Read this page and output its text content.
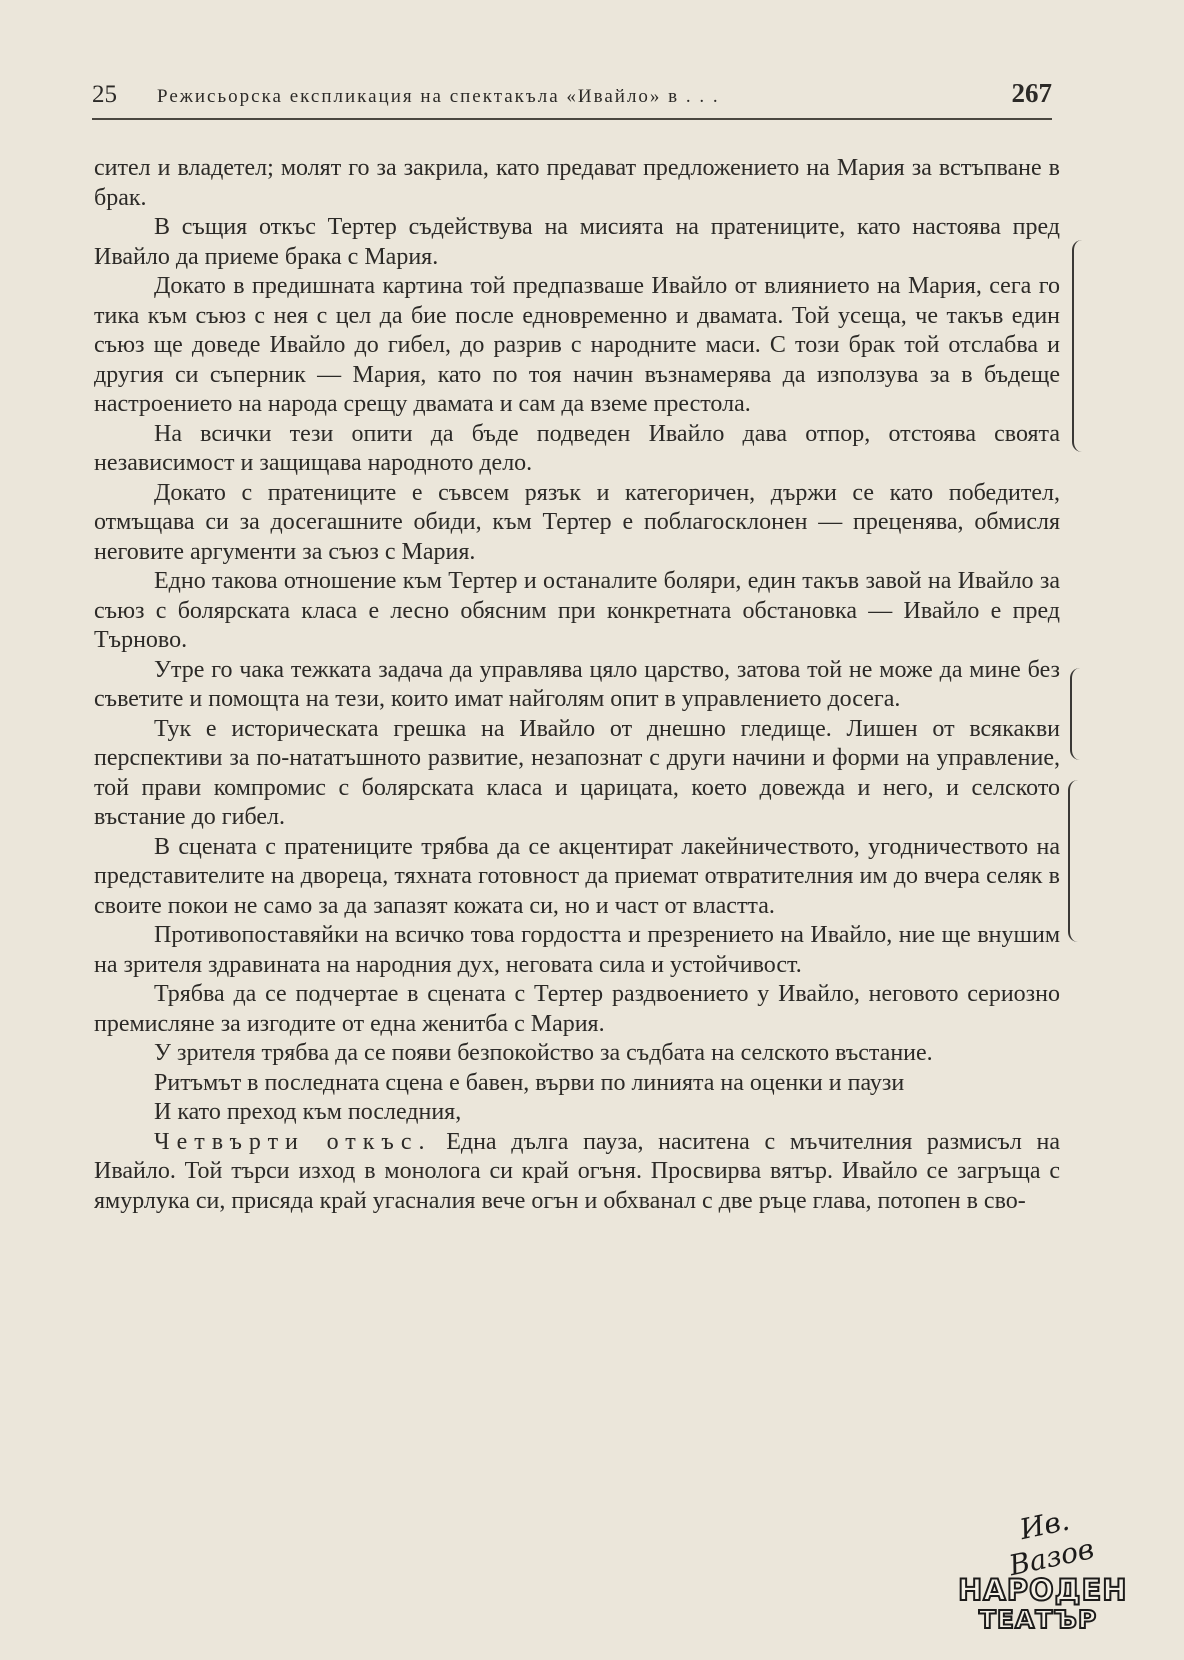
25	Режисьорска експликация на спектакъла «Ивайло» в . . .	267

сител и владетел; молят го за закрила, като предават предложението на Мария за встъпване в брак.

В същия откъс Тертер съдействува на мисията на пратениците, като настоява пред Ивайло да приеме брака с Мария.

Докато в предишната картина той предпазваше Ивайло от влиянието на Мария, сега го тика към съюз с нея с цел да бие после едновременно и двамата. Той усеща, че такъв един съюз ще доведе Ивайло до гибел, до разрив с народните маси. С този брак той отслабва и другия си съперник — Мария, като по тоя начин възнамерява да използува за в бъдеще настроението на народа срещу двамата и сам да вземе престола.

На всички тези опити да бъде подведен Ивайло дава отпор, отстоява своята независимост и защищава народното дело.

Докато с пратениците е съвсем рязък и категоричен, държи се като победител, отмъщава си за досегашните обиди, към Тертер е поблагосклонен — преценява, обмисля неговите аргументи за съюз с Мария.

Едно такова отношение към Тертер и останалите боляри, един такъв завой на Ивайло за съюз с болярската класа е лесно обясним при конкретната обстановка — Ивайло е пред Търново.

Утре го чака тежката задача да управлява цяло царство, затова той не може да мине без съветите и помощта на тези, които имат найголям опит в управлението досега.

Тук е историческата грешка на Ивайло от днешно гледище. Лишен от всякакви перспективи за по-нататъшното развитие, незапознат с други начини и форми на управление, той прави компромис с болярската класа и царицата, което довежда и него, и селското въстание до гибел.

В сцената с пратениците трябва да се акцентират лакейничеството, угодничеството на представителите на двореца, тяхната готовност да приемат отвратителния им до вчера селяк в своите покои не само за да запазят кожата си, но и част от властта.

Противопоставяйки на всичко това гордостта и презрението на Ивайло, ние ще внушим на зрителя здравината на народния дух, неговата сила и устойчивост.

Трябва да се подчертае в сцената с Тертер раздвоението у Ивайло, неговото сериозно премисляне за изгодите от една женитба с Мария.

У зрителя трябва да се появи безпокойство за съдбата на селското въстание.

Ритъмът в последната сцена е бавен, върви по линията на оценки и паузи

И като преход към последния,

Четвърти откъс. Една дълга пауза, наситена с мъчителния размисъл на Ивайло. Той търси изход в монолога си край огъня. Просвирва вятър. Ивайло се загръща с ямурлука си, присяда край угасналия вече огън и обхванал с две ръце глава, потопен в сво-

Ив. Вазов
НАРОДЕН
ТЕАТЪР
